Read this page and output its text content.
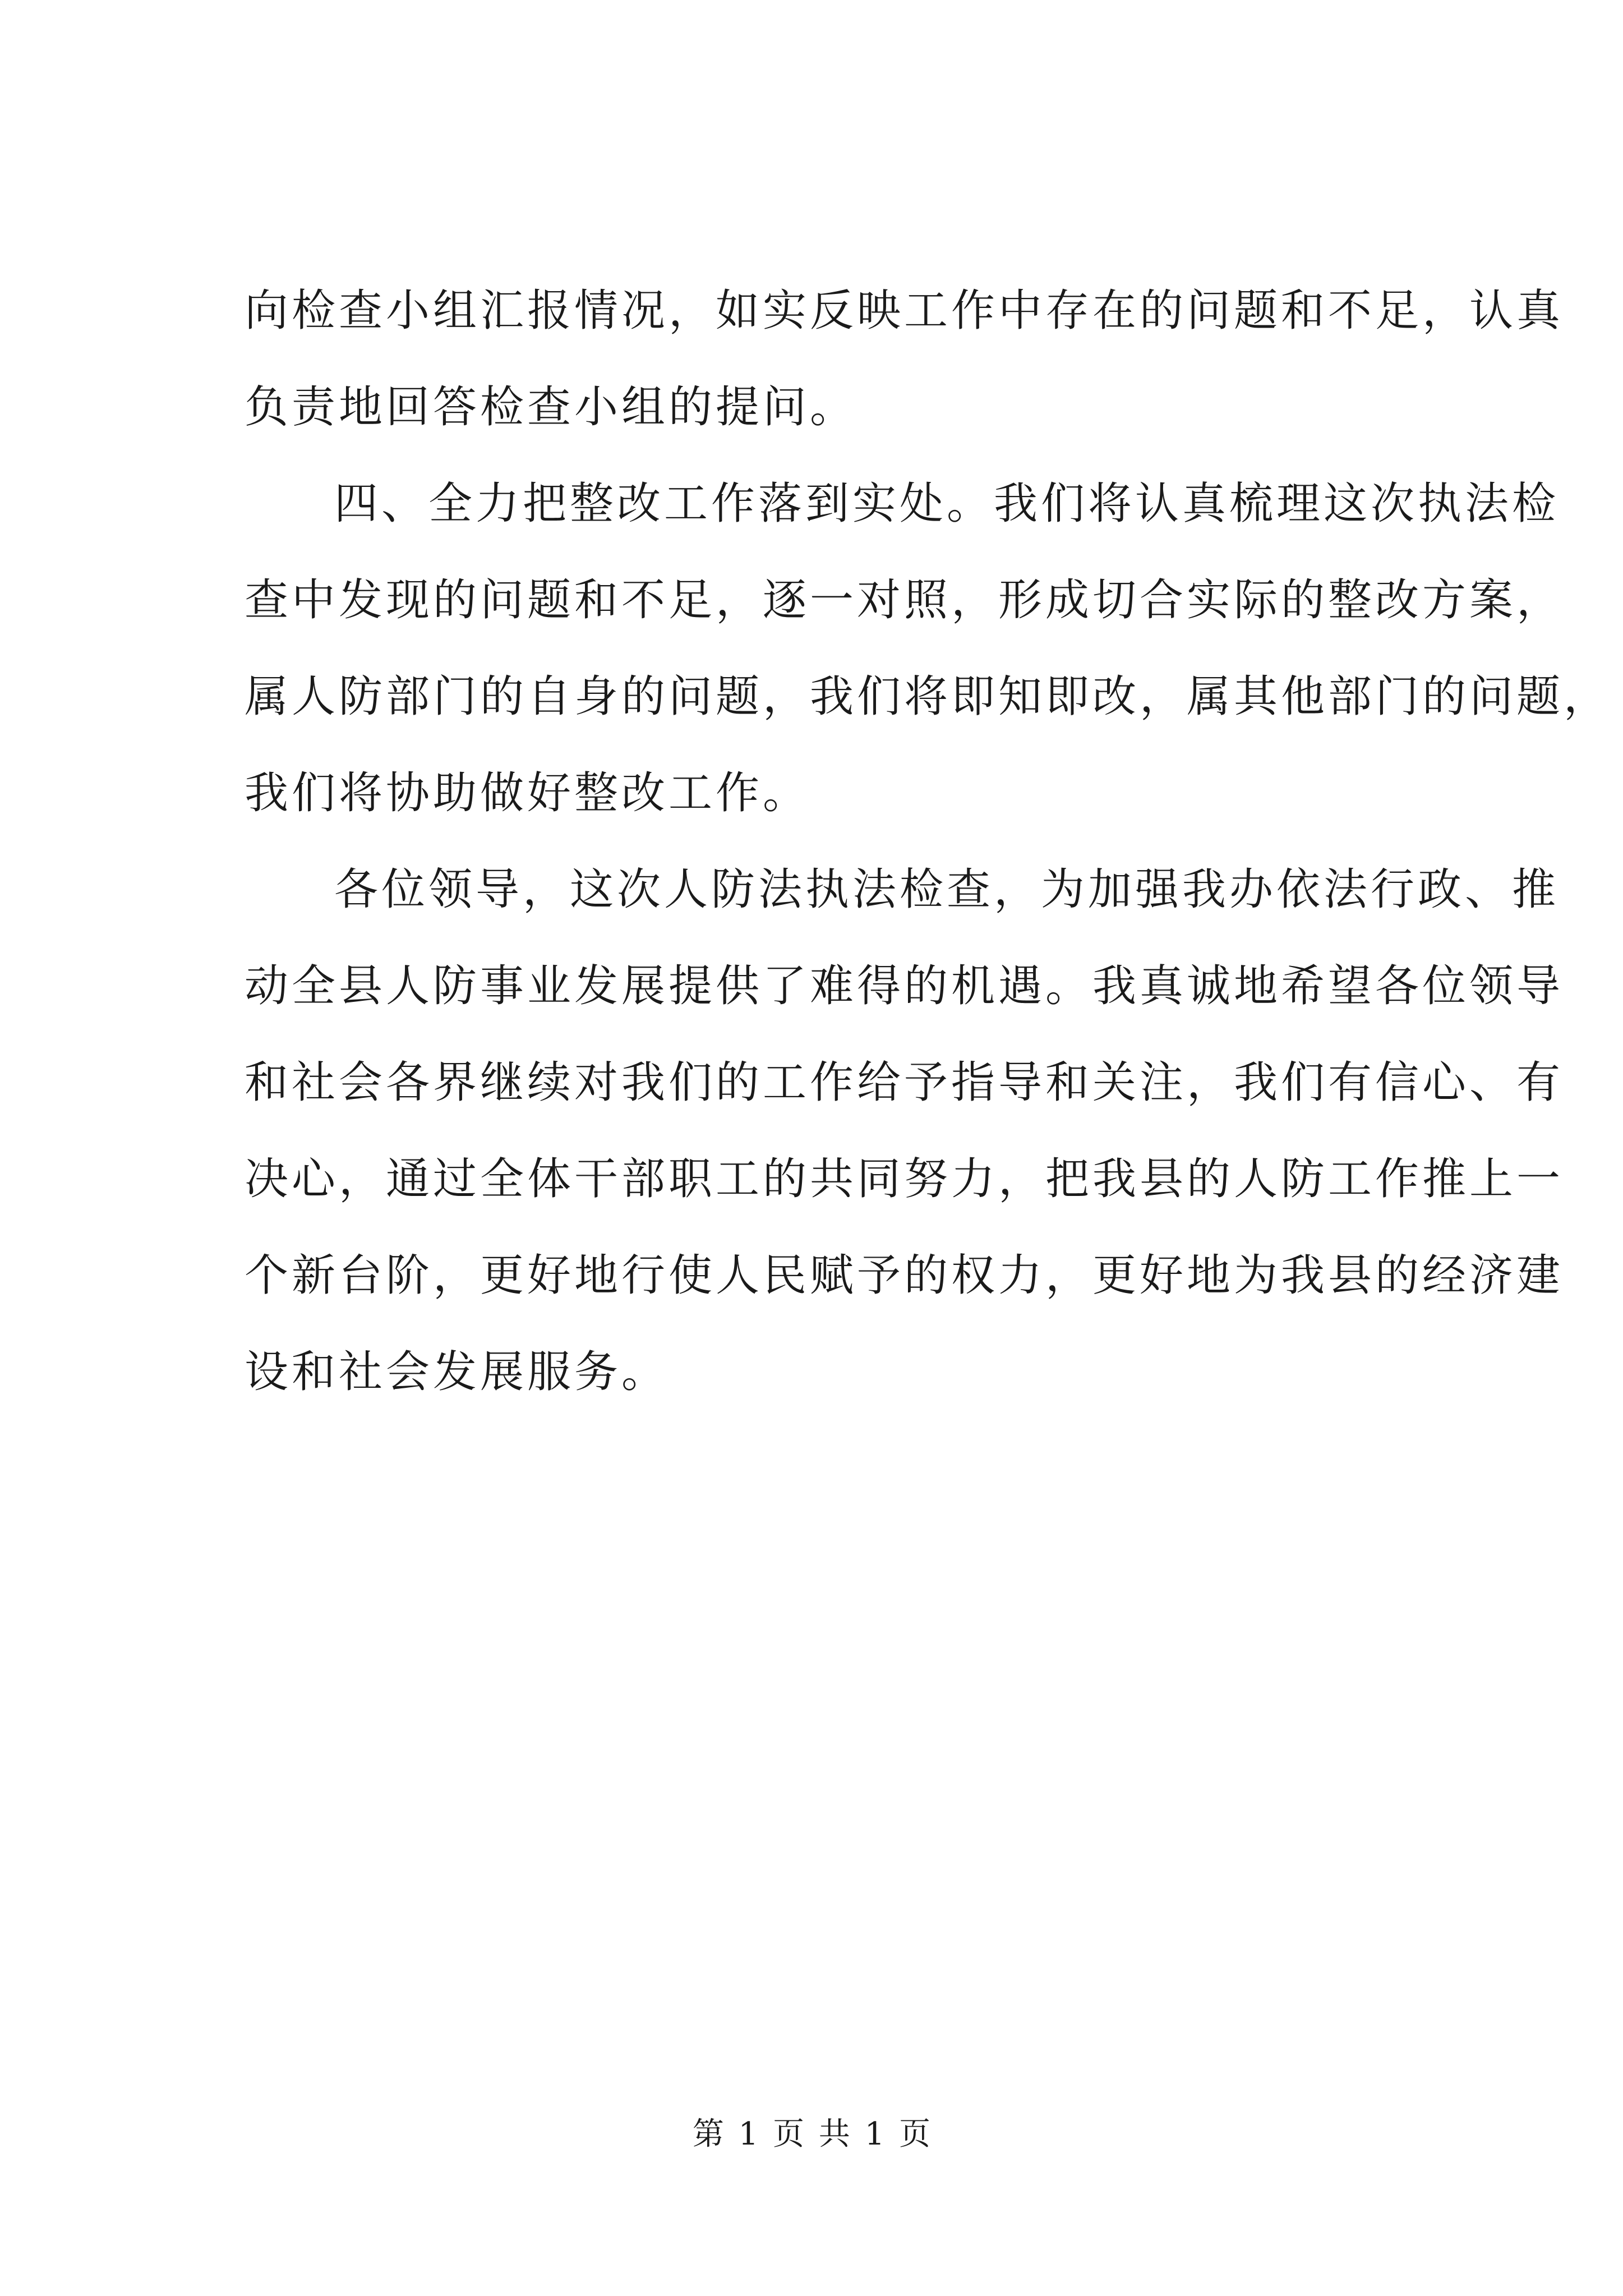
向检查小组汇报情况，如实反映工作中存在的问题和不足，认真
负责地回答检查小组的提问。

四、全力把整改工作落到实处。我们将认真梳理这次执法检
查中发现的问题和不足，逐一对照，形成切合实际的整改方案，
属人防部门的自身的问题，我们将即知即改，属其他部门的问题，
我们将协助做好整改工作。

各位领导，这次人防法执法检查，为加强我办依法行政、推
动全县人防事业发展提供了难得的机遇。我真诚地希望各位领导
和社会各界继续对我们的工作给予指导和关注，我们有信心、有
决心，通过全体干部职工的共同努力，把我县的人防工作推上一
个新台阶，更好地行使人民赋予的权力，更好地为我县的经济建
设和社会发展服务。

第 1 页 共 1 页
